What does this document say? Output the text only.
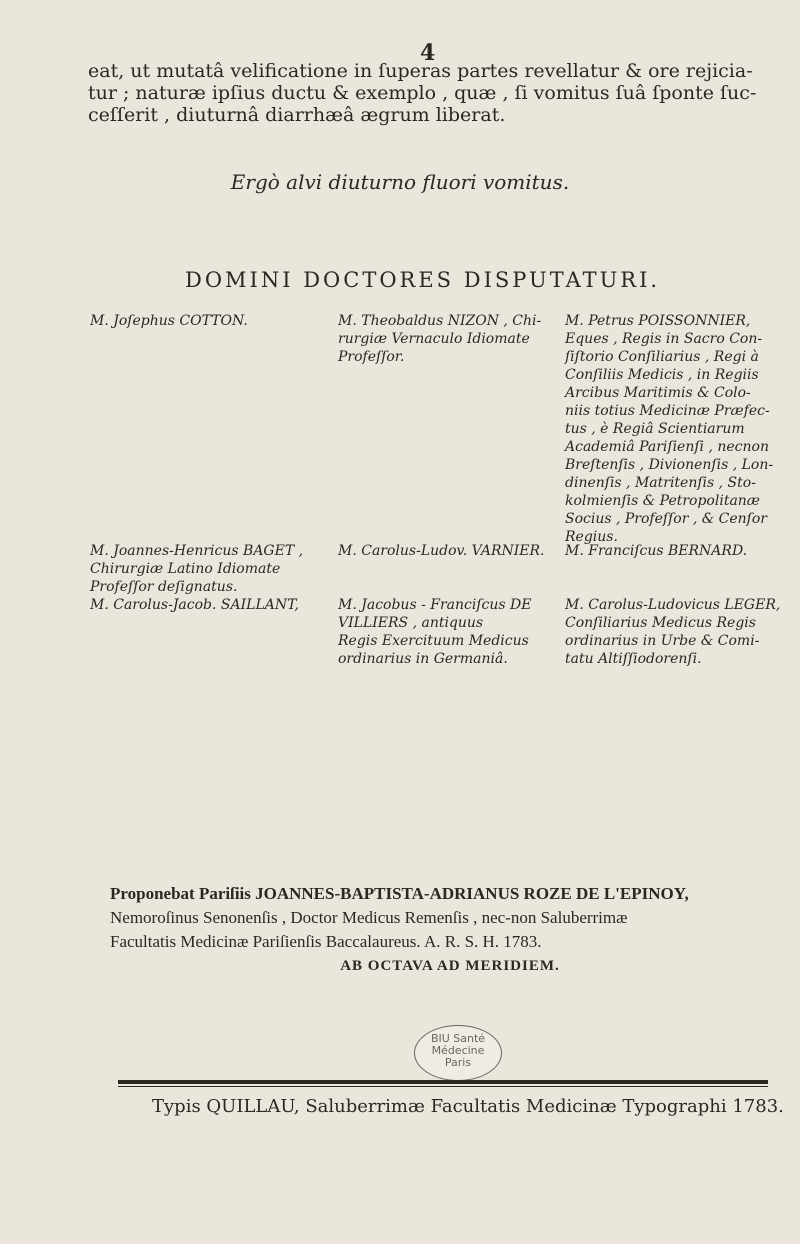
4
eat, ut mutatâ velificatione in ſuperas partes revellatur & ore rejicia-
tur ; naturæ ipſius ductu & exemplo , quæ , ſi vomitus ſuâ ſponte ſuc-
ceſſerit , diuturnâ diarrhæâ ægrum liberat.
Ergò alvi diuturno fluori vomitus.
DOMINI DOCTORES DISPUTATURI.
M. Joſephus COTTON.
M. Joannes-Henricus BAGET ,
Chirurgiæ Latino Idiomate
Profeſſor deſignatus.
M. Carolus-Jacob. SAILLANT,
M. Theobaldus NIZON , Chi-
rurgiæ Vernaculo Idiomate
Profeſſor.
M. Carolus-Ludov. VARNIER.
M. Jacobus - Franciſcus DE
VILLIERS , antiquus
Regis Exercituum Medicus
ordinarius in Germaniâ.
M. Petrus POISSONNIER,
Eques , Regis in Sacro Con-
ſiſtorio Conſiliarius , Regi à
Conſiliis Medicis , in Regiis
Arcibus Maritimis & Colo-
niis totius Medicinæ Præfec-
tus , è Regiâ Scientiarum
Academiâ Pariſienſi , necnon
Breſtenſis , Divionenſis , Lon-
dinenſis , Matritenſis , Sto-
kolmienſis & Petropolitanæ
Socius , Profeſſor , & Cenſor
Regius.
M. Franciſcus BERNARD.
M. Carolus-Ludovicus LEGER,
Conſiliarius Medicus Regis
ordinarius in Urbe & Comi-
tatu Altiſſiodorenſi.
Proponebat Pariſiis JOANNES-BAPTISTA-ADRIANUS ROZE DE L'EPINOY,
Nemoroſinus Senonenſis , Doctor Medicus Remenſis , nec-non Saluberrimæ
Facultatis Medicinæ Pariſienſis Baccalaureus. A. R. S. H. 1783.
AB OCTAVA AD MERIDIEM.
BIU Santé
Médecine
Paris
Typis QUILLAU, Saluberrimæ Facultatis Medicinæ Typographi 1783.
